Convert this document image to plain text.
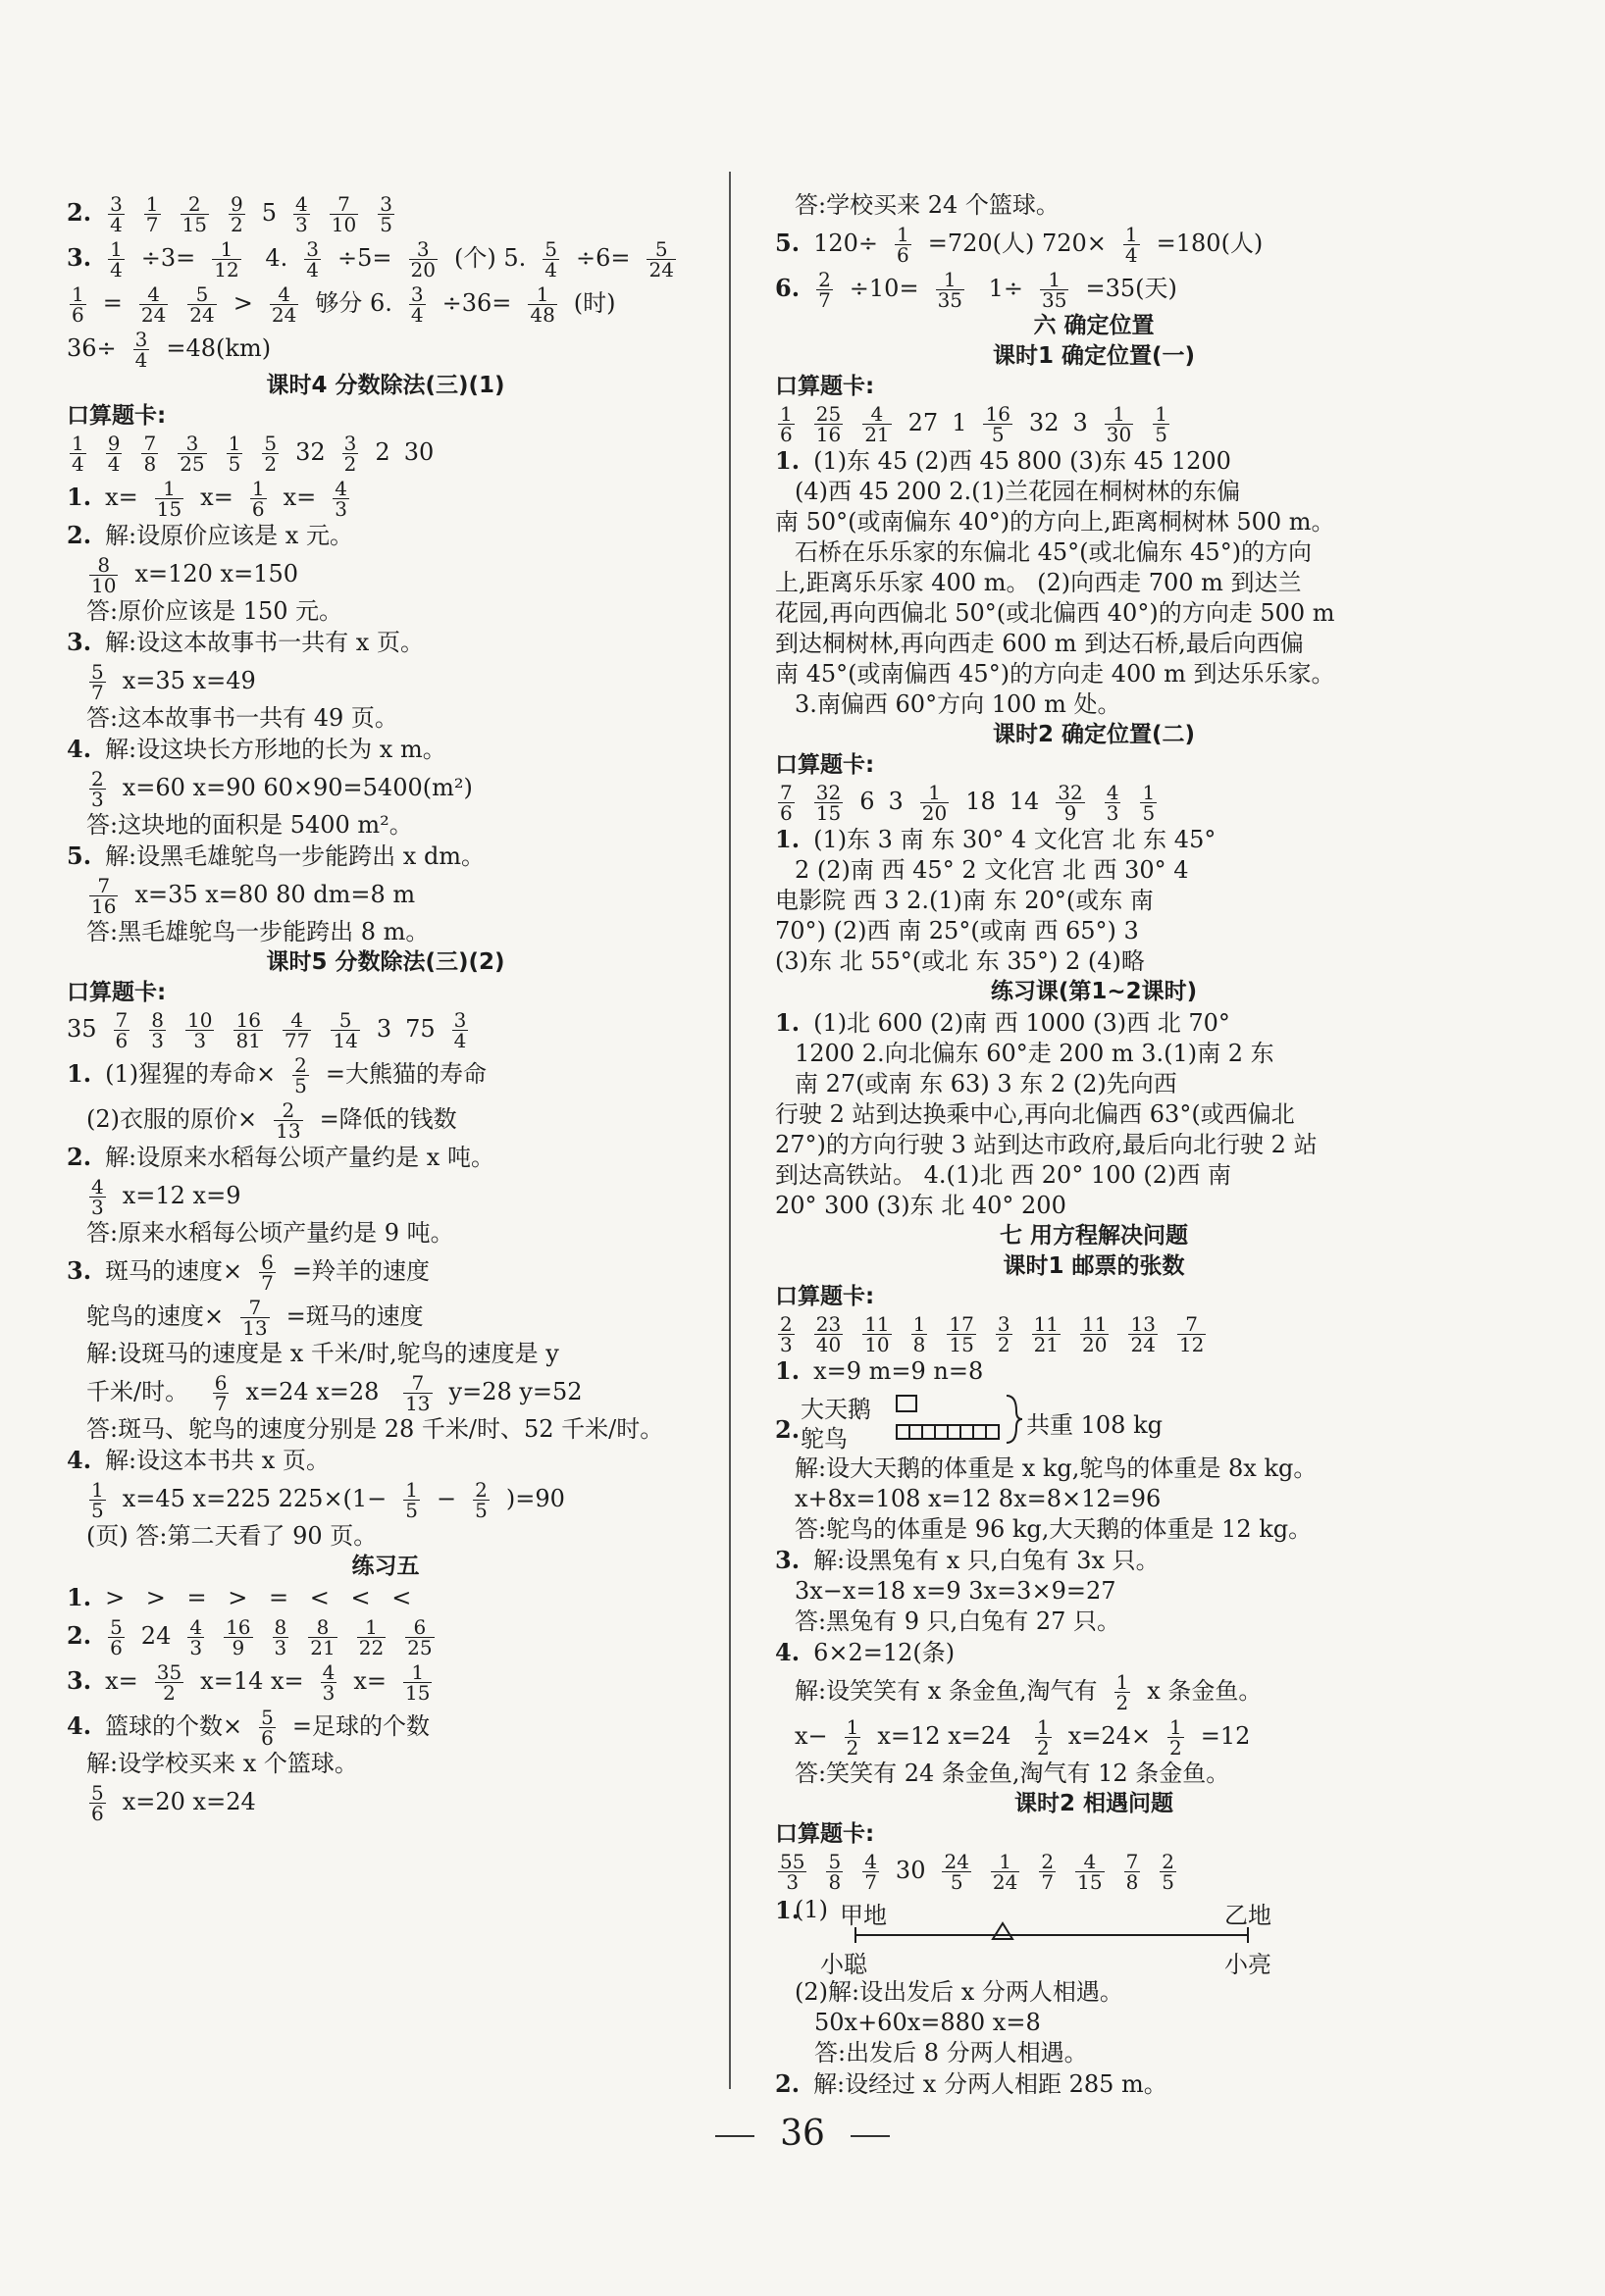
2. $\frac{3}{4} \frac{1}{7} \frac{2}{15} \frac{9}{2} 5 \frac{4}{3} \frac{7}{10} \frac{3}{5}$
3. $\frac{1}{4} \div 3= \frac{1}{12} 4$. $\frac{3}{4} \div 5= \frac{3}{20}$ (个) 5. $\frac{5}{4} \div 6= \frac{5}{24}$
$\frac{1}{6} = \frac{4}{24} \frac{5}{24} > \frac{4}{24}$ 够分 6. $\frac{3}{4} \div 36= \frac{1}{48}$ (时)
$36\div \frac{3}{4} =48(km)$
课时4 分数除法(三)(1)
口算题卡:
$\frac{1}{4} \frac{9}{4} \frac{7}{8} \frac{3}{25} \frac{1}{5} \frac{5}{2} 32 \frac{3}{2} 2$ 30
1. $x= \frac{1}{15} x= \frac{1}{6} x= \frac{4}{3}$
2. 解:设原价应该是 x 元。
$\frac{8}{10} x=120$ x=150
答:原价应该是 150 元。
3. 解:设这本故事书一共有 x 页。
$\frac{5}{7} x=35$ x=49
答:这本故事书一共有 49 页。
4. 解:设这块长方形地的长为 x m。
$\frac{2}{3} x=60$ x=90 60×90=5400(m²)
答:这块地的面积是 5400 m²。
5. 解:设黑毛雄鸵鸟一步能跨出 x dm。
$\frac{7}{16} x=35$ x=80 80 dm=8 m
答:黑毛雄鸵鸟一步能跨出 8 m。
课时5 分数除法(三)(2)
口算题卡:
$35 \frac{7}{6} \frac{8}{3} \frac{10}{3} \frac{16}{81} \frac{4}{77} \frac{5}{14} 3$ $75 \frac{3}{4}$
1. (1)猩猩的寿命× $\frac{2}{5}$ =大熊猫的寿命
(2)衣服的原价× $\frac{2}{13}$ =降低的钱数
2. 解:设原来水稻每公顷产量约是 x 吨。
$\frac{4}{3} x=12$ x=9
答:原来水稻每公顷产量约是 9 吨。
3. 斑马的速度× $\frac{6}{7}$ =羚羊的速度
鸵鸟的速度× $\frac{7}{13}$ =斑马的速度
解:设斑马的速度是 x 千米/时,鸵鸟的速度是 y
千米/时。 $\frac{6}{7} x=24$ $x=28 \frac{7}{13} y=28$ y=52
答:斑马、鸵鸟的速度分别是 28 千米/时、52 千米/时。
4. 解:设这本书共 x 页。
$\frac{1}{5} x=45$ x=225 $225\times(1- \frac{1}{5} - \frac{2}{5} )=90$
(页) 答:第二天看了 90 页。
练习五
1. > > = > = < < <
2. $\frac{5}{6} 24 \frac{4}{3} \frac{16}{9} \frac{8}{3} \frac{8}{21} \frac{1}{22} \frac{6}{25}$
3. $x= \frac{35}{2} x=14$ $x= \frac{4}{3} x= \frac{1}{15}$
4. 篮球的个数× $\frac{5}{6}$ =足球的个数
解:设学校买来 x 个篮球。
$\frac{5}{6} x=20$ x=24
答:学校买来 24 个篮球。
5. $120\div \frac{1}{6} =720$(人) $720\times \frac{1}{4} =180$(人)
6. $\frac{2}{7} \div 10= \frac{1}{35} 1\div \frac{1}{35} =35$(天)
六 确定位置
课时1 确定位置(一)
口算题卡:
$\frac{1}{6} \frac{25}{16} \frac{4}{21} 27$ $1 \frac{16}{5} 32$ $3 \frac{1}{30} \frac{1}{5}$
1. (1)东 45 (2)西 45 800 (3)东 45 1200
(4)西 45 200 2.(1)兰花园在桐树林的东偏
南 50°(或南偏东 40°)的方向上,距离桐树林 500 m。
石桥在乐乐家的东偏北 45°(或北偏东 45°)的方向
上,距离乐乐家 400 m。 (2)向西走 700 m 到达兰
花园,再向西偏北 50°(或北偏西 40°)的方向走 500 m
到达桐树林,再向西走 600 m 到达石桥,最后向西偏
南 45°(或南偏西 45°)的方向走 400 m 到达乐乐家。
3.南偏西 60°方向 100 m 处。
课时2 确定位置(二)
口算题卡:
$\frac{7}{6} \frac{32}{15} 6$ $3 \frac{1}{20} 18$ $14 \frac{32}{9} \frac{4}{3} \frac{1}{5}$
1. (1)东 3 南 东 30° 4 文化宫 北 东 45°
2 (2)南 西 45° 2 文化宫 北 西 30° 4
电影院 西 3 2.(1)南 东 20°(或东 南
70°) (2)西 南 25°(或南 西 65°) 3
(3)东 北 55°(或北 东 35°) 2 (4)略
练习课(第1~2课时)
1. (1)北 600 (2)南 西 1000 (3)西 北 70°
1200 2.向北偏东 60°走 200 m 3.(1)南 2 东
南 27(或南 东 63) 3 东 2 (2)先向西
行驶 2 站到达换乘中心,再向北偏西 63°(或西偏北
27°)的方向行驶 3 站到达市政府,最后向北行驶 2 站
到达高铁站。 4.(1)北 西 20° 100 (2)西 南
20° 300 (3)东 北 40° 200
七 用方程解决问题
课时1 邮票的张数
口算题卡:
$\frac{2}{3} \frac{23}{40} \frac{11}{10} \frac{1}{8} \frac{17}{15} \frac{3}{2} \frac{11}{21} \frac{11}{20} \frac{13}{24} \frac{7}{12}$
1. x=9 m=9 n=8
2.
大天鹅
鸵鸟	共重 108 kg
解:设大天鹅的体重是 x kg,鸵鸟的体重是 8x kg。
x+8x=108 x=12 8x=8×12=96
答:鸵鸟的体重是 96 kg,大天鹅的体重是 12 kg。
3. 解:设黑兔有 x 只,白兔有 3x 只。
3x−x=18 x=9 3x=3×9=27
答:黑兔有 9 只,白兔有 27 只。
4. 6×2=12(条)
解:设笑笑有 x 条金鱼,淘气有 $\frac{1}{2}$ x 条金鱼。
$x- \frac{1}{2} x=12$ $x=24 \frac{1}{2} x=24\times \frac{1}{2} =12$
答:笑笑有 24 条金鱼,淘气有 12 条金鱼。
课时2 相遇问题
口算题卡:
$\frac{55}{3} \frac{5}{8} \frac{4}{7} 30 \frac{24}{5} \frac{1}{24} \frac{2}{7} \frac{4}{15} \frac{7}{8} \frac{2}{5}$
1.
(1) 甲地	乙地
小聪	小亮
(2)解:设出发后 x 分两人相遇。
50x+60x=880 x=8
答:出发后 8 分两人相遇。
2. 解:设经过 x 分两人相距 285 m。
36
